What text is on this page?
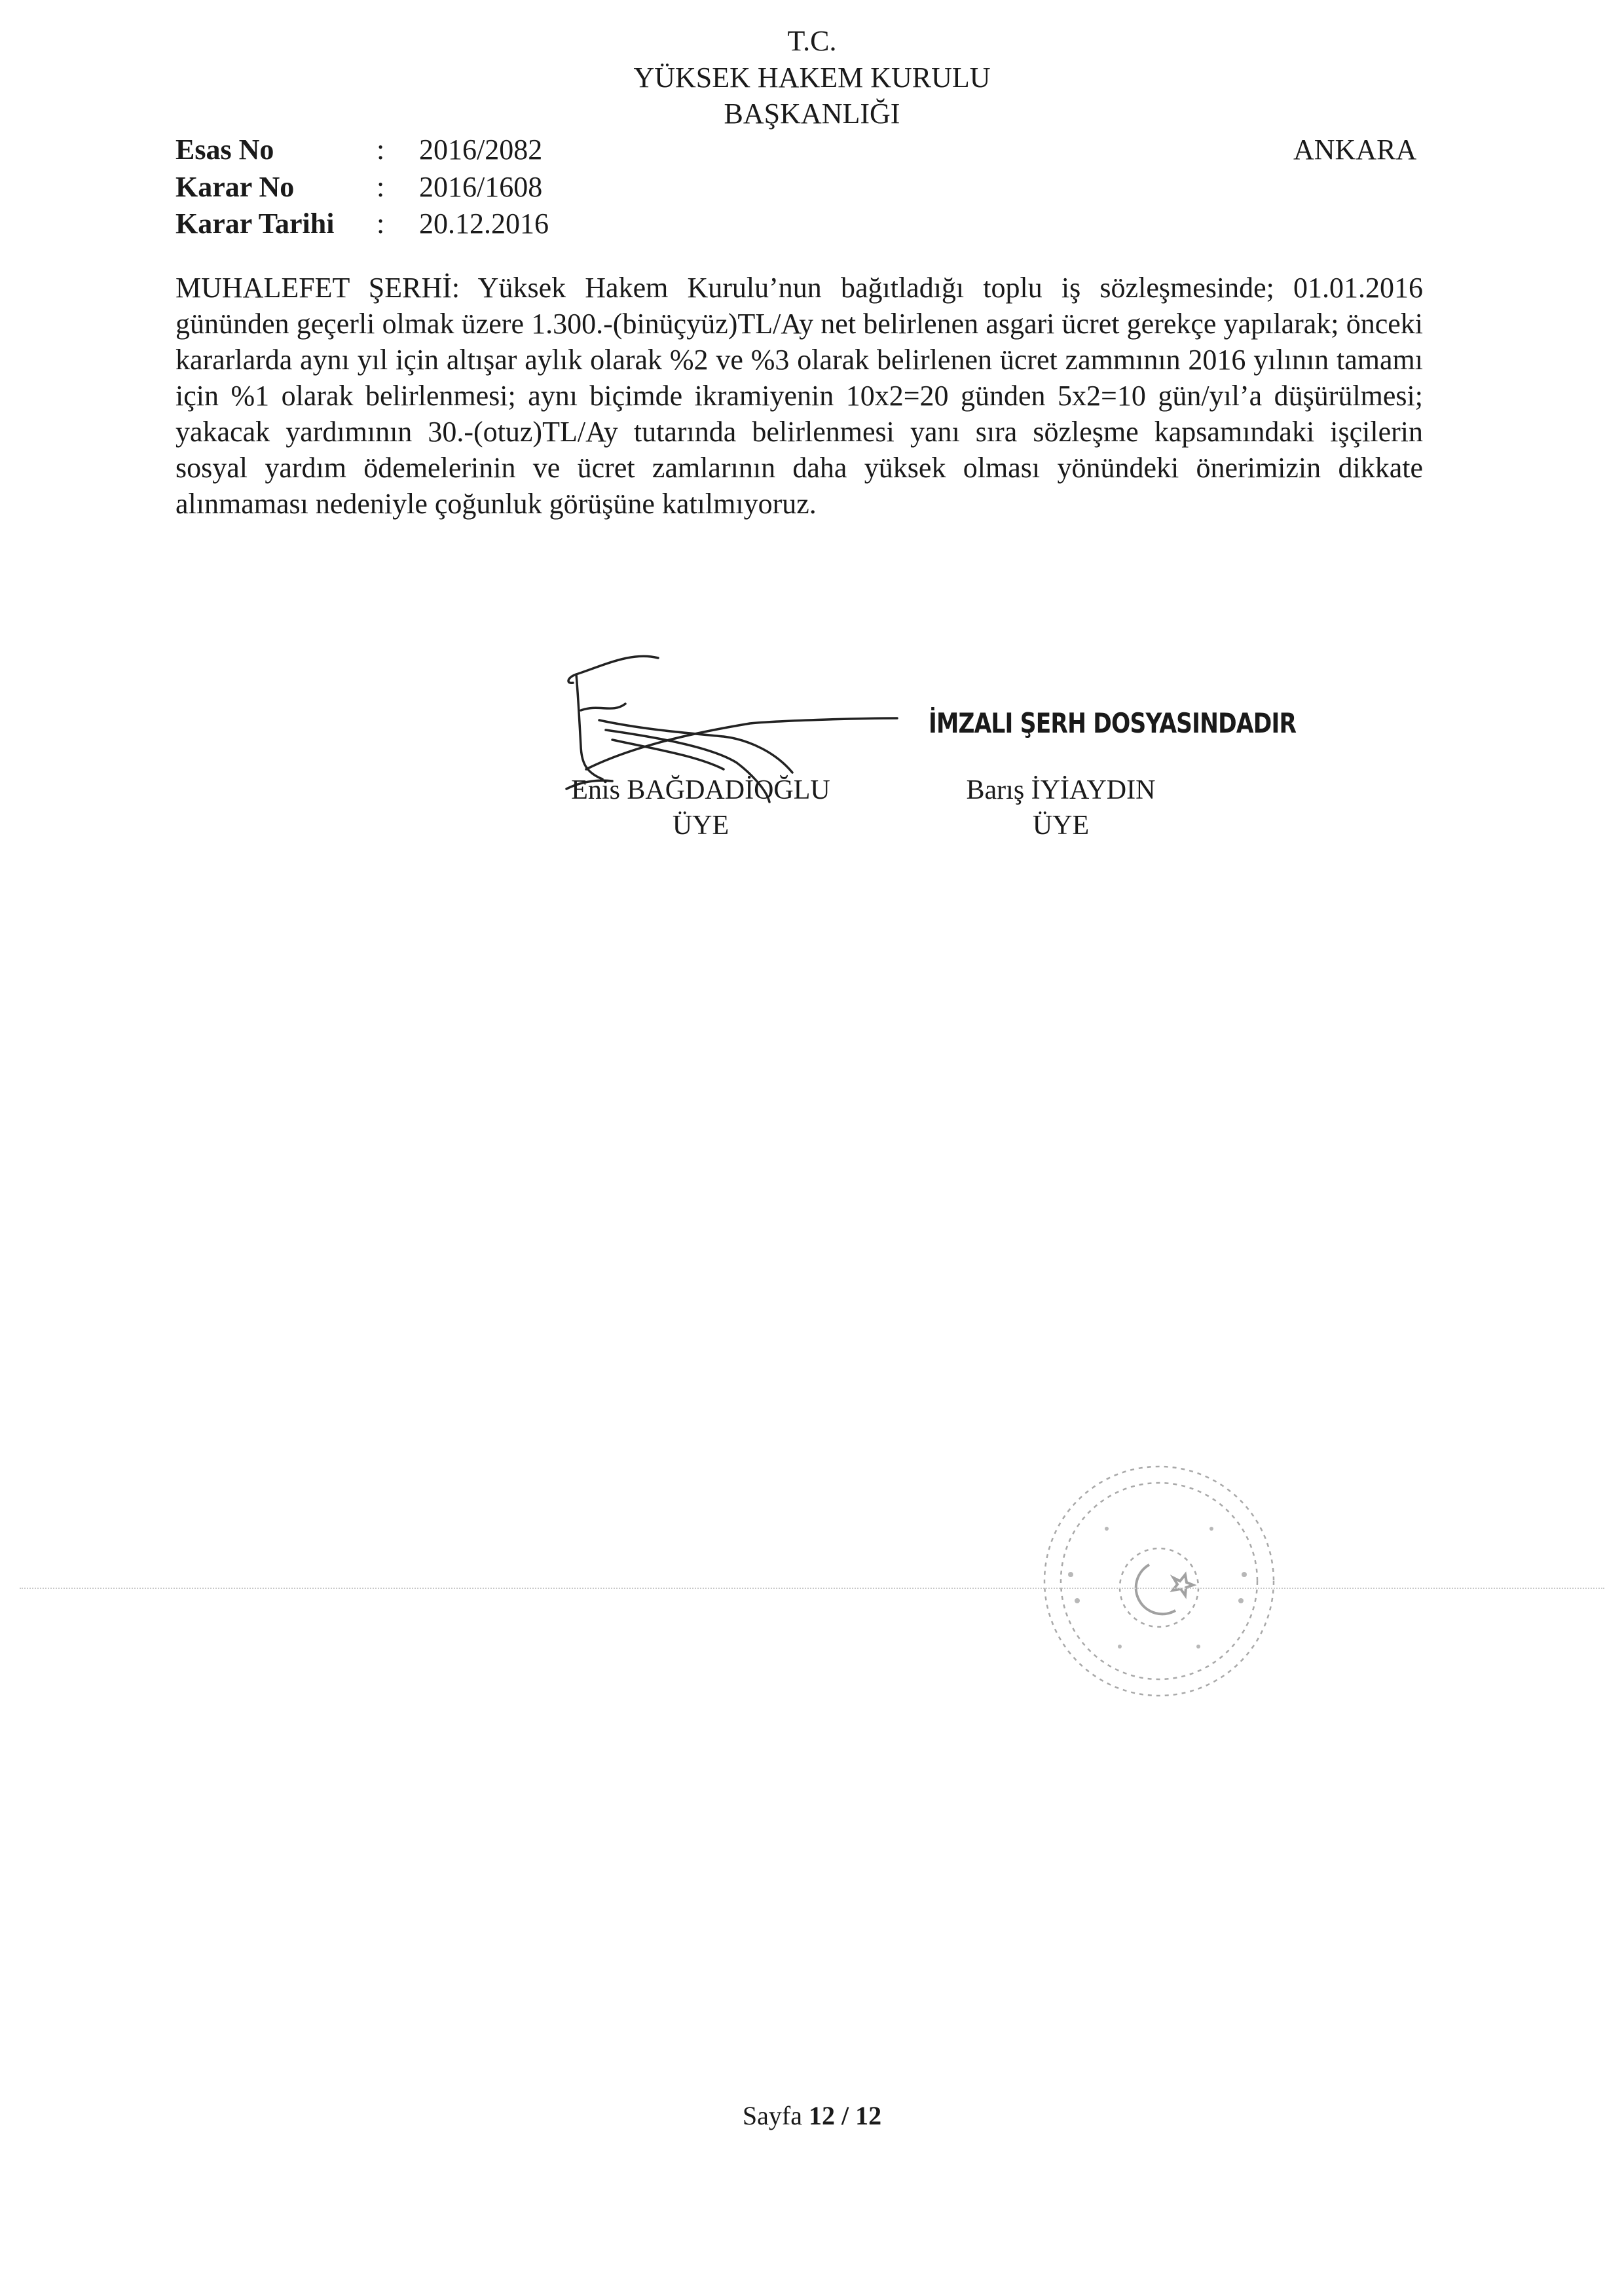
T.C.
YÜKSEK HAKEM KURULU
BAŞKANLIĞI
Esas No	: 2016/2082
Karar No	: 2016/1608
Karar Tarihi : 20.12.2016
ANKARA
MUHALEFET ŞERHİ: Yüksek Hakem Kurulu’nun bağıtladığı toplu iş sözleşmesinde; 01.01.2016 gününden geçerli olmak üzere 1.300.-(binüçyüz)TL/Ay net belirlenen asgari ücret gerekçe yapılarak; önceki kararlarda aynı yıl için altışar aylık olarak %2 ve %3 olarak belirlenen ücret zammının 2016 yılının tamamı için %1 olarak belirlenmesi; aynı biçimde ikramiyenin 10x2=20 günden 5x2=10 gün/yıl’a düşürülmesi; yakacak yardımının 30.-(otuz)TL/Ay tutarında belirlenmesi yanı sıra sözleşme kapsamındaki işçilerin sosyal yardım ödemelerinin ve ücret zamlarının daha yüksek olması yönündeki önerimizin dikkate alınmaması nedeniyle çoğunluk görüşüne katılmıyoruz.
Enis BAĞDADİOĞLU
ÜYE
İMZALI ŞERH DOSYASINDADIR
Barış İYİAYDIN
ÜYE
Sayfa 12 / 12
